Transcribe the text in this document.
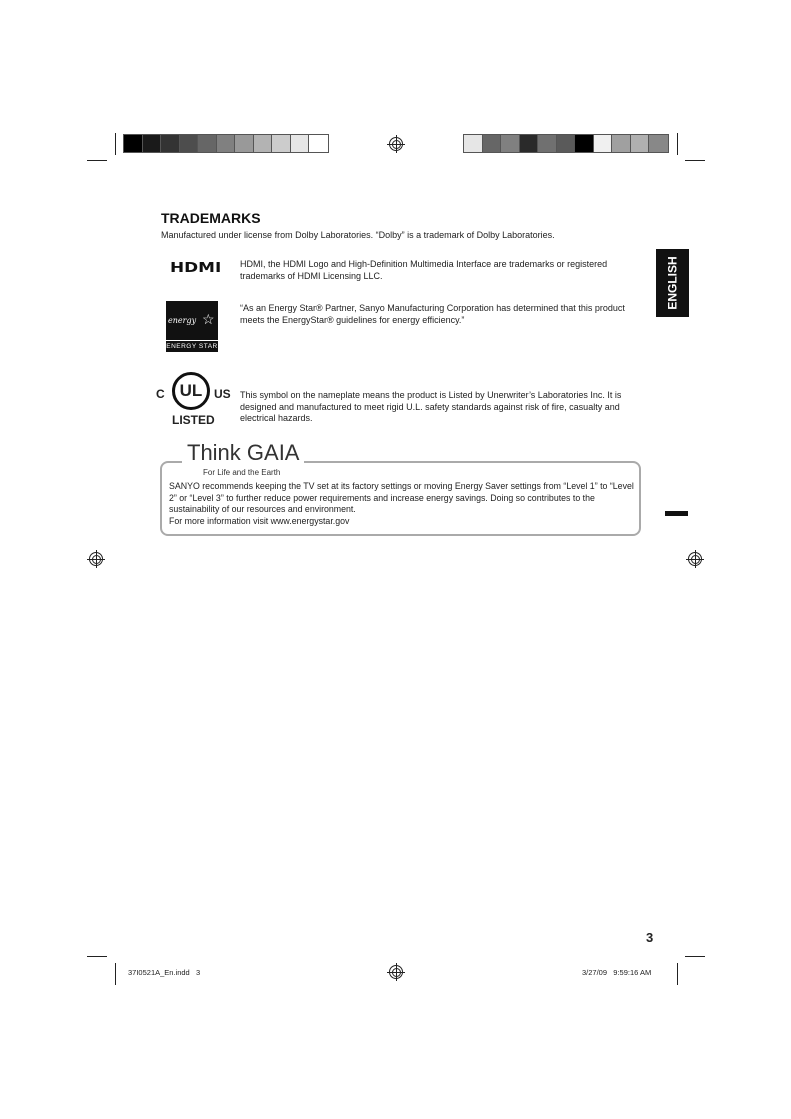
TRADEMARKS
Manufactured under license from Dolby Laboratories. “Dolby” is a trademark of Dolby Laboratories.
ENGLISH
HDMI HDMI, the HDMI Logo and High-Definition Multimedia Interface are trademarks or registered trademarks of HDMI Licensing LLC.
energy ☆
ENERGY STAR
“As an Energy Star® Partner, Sanyo Manufacturing Corporation has determined that this product meets the EnergyStar® guidelines for energy efficiency.”
C UL US
LISTED
This symbol on the nameplate means the product is Listed by Unerwriter’s Laboratories Inc. It is designed and manufactured to meet rigid U.L. safety standards against risk of fire, casualty and electrical hazards.
Think GAIA
For Life and the Earth
SANYO recommends keeping the TV set at its factory settings or moving Energy Saver settings from “Level 1” to “Level 2” or “Level 3” to further reduce power requirements and increase energy savings. Doing so contributes to the sustainability of our resources and environment.
For more information visit www.energystar.gov
3
37I0521A_En.indd   3	3/27/09   9:59:16 AM
